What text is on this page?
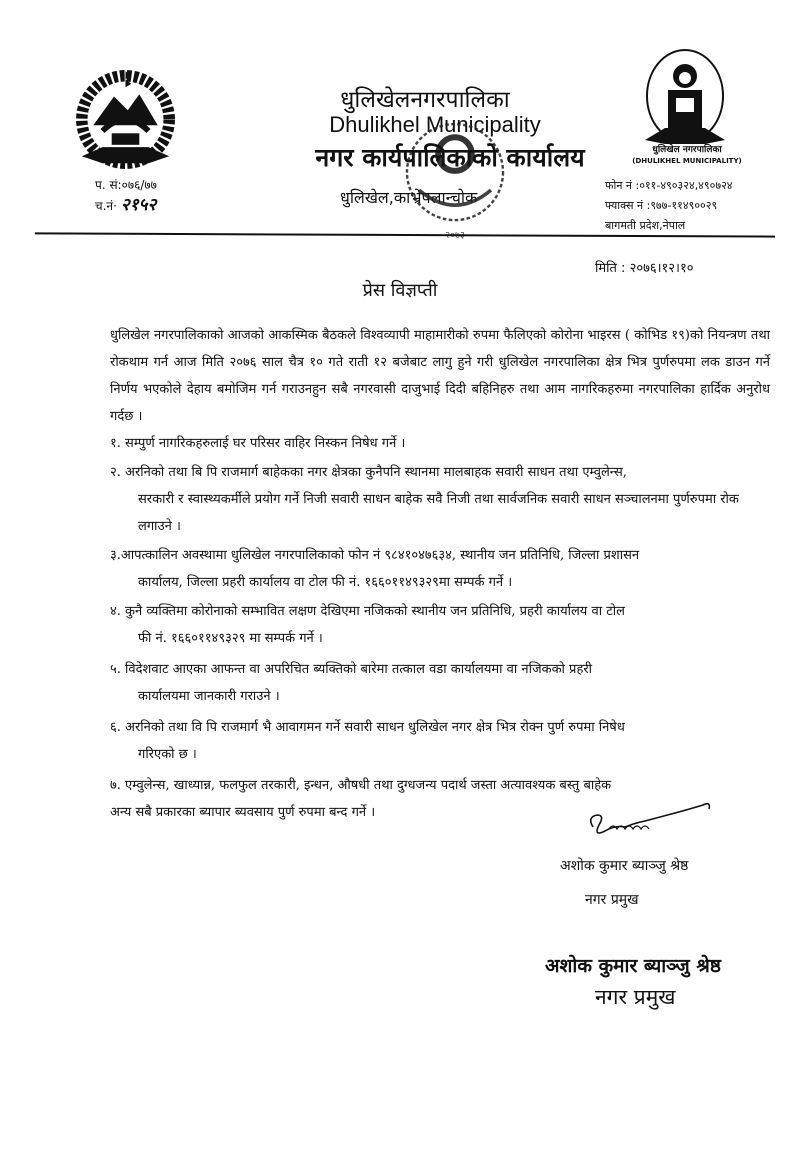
प. सं:०७६/७७
च.नं· २१५२
धुलिखेलनगरपालिका
Dhulikhel Municipality
नगर कार्यपालिकाको कार्यालय
धुलिखेल,काभ्रेपलान्चोक
धुलिखेल नगरपालिका
(DHULIKHEL MUNICIPALITY)
फोन नं :०११-४९०३२४,४९०७२४
फ्याक्स नं :९७७-११४९००२९
बागमती प्रदेश,नेपाल
मिति : २०७६।१२।१०
प्रेस विज्ञप्ती
धुलिखेल नगरपालिकाको आजको आकस्मिक बैठकले विश्वव्यापी माहामारीको रुपमा फैलिएको कोरोना भाइरस ( कोभिड १९)को नियन्त्रण तथा रोकथाम गर्न आज मिति २०७६ साल चैत्र १० गते राती १२ बजेबाट लागु हुने गरी धुलिखेल नगरपालिका क्षेत्र भित्र पुर्णरुपमा लक डाउन गर्ने निर्णय भएकोले देहाय बमोजिम गर्न गराउनहुन सबै नगरवासी दाजुभाई दिदी बहिनिहरु तथा आम नागरिकहरुमा नगरपालिका हार्दिक अनुरोध गर्दछ ।
१. सम्पुर्ण नागरिकहरुलाई घर परिसर वाहिर निस्कन निषेध गर्ने ।
२. अरनिको तथा बि पि राजमार्ग बाहेकका नगर क्षेत्रका कुनैपनि स्थानमा मालबाहक सवारी साधन तथा एम्वुलेन्स,
सरकारी र स्वास्थ्यकर्मीले प्रयोग गर्ने निजी सवारी साधन बाहेक सवै निजी तथा सार्वजनिक सवारी साधन सञ्चालनमा पुर्णरुपमा रोक लगाउने ।
३.आपत्कालिन अवस्थामा धुलिखेल नगरपालिकाको फोन नं ९८४१०४७६३४, स्थानीय जन प्रतिनिधि, जिल्ला प्रशासन
कार्यालय, जिल्ला प्रहरी कार्यालय वा टोल फी नं. १६६०११४९३२९मा सम्पर्क गर्ने ।
४. कुनै व्यक्तिमा कोरोनाको सम्भावित लक्षण देखिएमा नजिकको स्थानीय जन प्रतिनिधि, प्रहरी कार्यालय वा टोल
फी नं. १६६०११४९३२९ मा सम्पर्क गर्ने ।
५. विदेशवाट आएका आफन्त वा अपरिचित ब्यक्तिको बारेमा तत्काल वडा कार्यालयमा वा नजिकको प्रहरी
कार्यालयमा जानकारी गराउने ।
६. अरनिको तथा वि पि राजमार्ग भै आवागमन गर्ने सवारी साधन धुलिखेल नगर क्षेत्र भित्र रोक्न पुर्ण रुपमा निषेध
गरिएको छ ।
७. एम्वुलेन्स, खाध्यान्न, फलफुल तरकारी, इन्धन, औषधी तथा दुग्धजन्य पदार्थ जस्ता अत्यावश्यक बस्तु बाहेक
अन्य सबै प्रकारका ब्यापार ब्यवसाय पुर्ण रुपमा बन्द गर्ने ।
अशोक कुमार ब्याञ्जु श्रेष्ठ
नगर प्रमुख
अशोक कुमार ब्याञ्जु श्रेष्ठ
नगर प्रमुख
